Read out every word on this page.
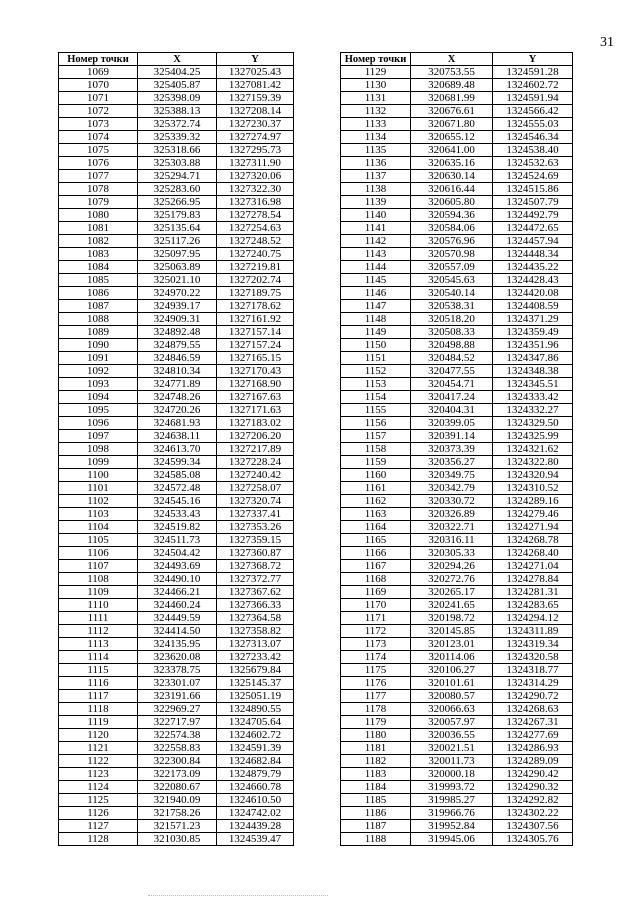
31
Номер точки	X	Y
1069	325404.25	1327025.43
1070	325405.87	1327081.42
1071	325398.09	1327159.39
1072	325388.13	1327208.14
1073	325372.74	1327230.37
1074	325339.32	1327274.97
1075	325318.66	1327295.73
1076	325303.88	1327311.90
1077	325294.71	1327320.06
1078	325283.60	1327322.30
1079	325266.95	1327316.98
1080	325179.83	1327278.54
1081	325135.64	1327254.63
1082	325117.26	1327248.52
1083	325097.95	1327240.75
1084	325063.89	1327219.81
1085	325021.10	1327202.74
1086	324970.22	1327189.75
1087	324939.17	1327178.62
1088	324909.31	1327161.92
1089	324892.48	1327157.14
1090	324879.55	1327157.24
1091	324846.59	1327165.15
1092	324810.34	1327170.43
1093	324771.89	1327168.90
1094	324748.26	1327167.63
1095	324720.26	1327171.63
1096	324681.93	1327183.02
1097	324638.11	1327206.20
1098	324613.70	1327217.89
1099	324599.34	1327228.24
1100	324585.08	1327240.42
1101	324572.48	1327258.07
1102	324545.16	1327320.74
1103	324533.43	1327337.41
1104	324519.82	1327353.26
1105	324511.73	1327359.15
1106	324504.42	1327360.87
1107	324493.69	1327368.72
1108	324490.10	1327372.77
1109	324466.21	1327367.62
1110	324460.24	1327366.33
1111	324449.59	1327364.58
1112	324414.50	1327358.82
1113	324135.95	1327313.07
1114	323620.08	1327233.42
1115	323378.75	1325679.84
1116	323301.07	1325145.37
1117	323191.66	1325051.19
1118	322969.27	1324890.55
1119	322717.97	1324705.64
1120	322574.38	1324602.72
1121	322558.83	1324591.39
1122	322300.84	1324682.84
1123	322173.09	1324879.79
1124	322080.67	1324660.78
1125	321940.09	1324610.50
1126	321758.26	1324742.02
1127	321571.23	1324439.28
1128	321030.85	1324539.47
Номер точки	X	Y
1129	320753.55	1324591.28
1130	320689.48	1324602.72
1131	320681.99	1324591.94
1132	320676.61	1324566.42
1133	320671.80	1324555.03
1134	320655.12	1324546.34
1135	320641.00	1324538.40
1136	320635.16	1324532.63
1137	320630.14	1324524.69
1138	320616.44	1324515.86
1139	320605.80	1324507.79
1140	320594.36	1324492.79
1141	320584.06	1324472.65
1142	320576.96	1324457.94
1143	320570.98	1324448.34
1144	320557.09	1324435.22
1145	320545.63	1324428.43
1146	320540.14	1324420.08
1147	320538.31	1324408.59
1148	320518.20	1324371.29
1149	320508.33	1324359.49
1150	320498.88	1324351.96
1151	320484.52	1324347.86
1152	320477.55	1324348.38
1153	320454.71	1324345.51
1154	320417.24	1324333.42
1155	320404.31	1324332.27
1156	320399.05	1324329.50
1157	320391.14	1324325.99
1158	320373.39	1324321.62
1159	320356.27	1324322.80
1160	320349.75	1324320.94
1161	320342.79	1324310.52
1162	320330.72	1324289.16
1163	320326.89	1324279.46
1164	320322.71	1324271.94
1165	320316.11	1324268.78
1166	320305.33	1324268.40
1167	320294.26	1324271.04
1168	320272.76	1324278.84
1169	320265.17	1324281.31
1170	320241.65	1324283.65
1171	320198.72	1324294.12
1172	320145.85	1324311.89
1173	320123.01	1324319.34
1174	320114.06	1324320.58
1175	320106.27	1324318.77
1176	320101.61	1324314.29
1177	320080.57	1324290.72
1178	320066.63	1324268.63
1179	320057.97	1324267.31
1180	320036.55	1324277.69
1181	320021.51	1324286.93
1182	320011.73	1324289.09
1183	320000.18	1324290.42
1184	319993.72	1324290.32
1185	319985.27	1324292.82
1186	319966.76	1324302.22
1187	319952.84	1324307.56
1188	319945.06	1324305.76
